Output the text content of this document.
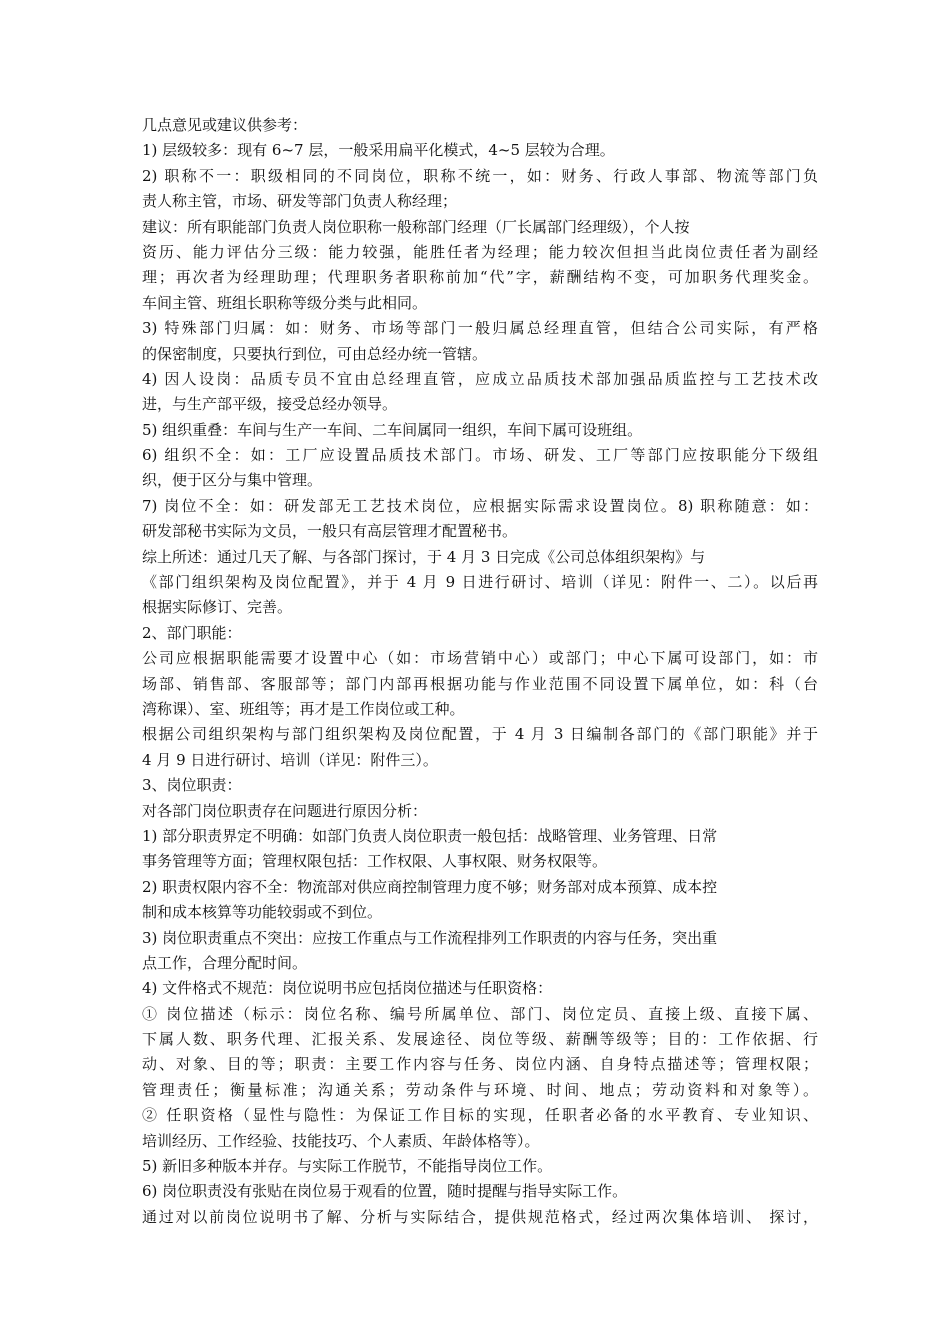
几点意见或建议供参考：
1) 层级较多：现有 6~7 层，一般采用扁平化模式，4~5 层较为合理。
2) 职称不一：职级相同的不同岗位，职称不统一，如：财务、行政人事部、物流等部门负
责人称主管，市场、研发等部门负责人称经理；
建议：所有职能部门负责人岗位职称一般称部门经理（厂长属部门经理级），个人按
资历、能力评估分三级：能力较强，能胜任者为经理；能力较次但担当此岗位责任者为副经
理；再次者为经理助理；代理职务者职称前加“代”字，薪酬结构不变，可加职务代理奖金。
车间主管、班组长职称等级分类与此相同。
3) 特殊部门归属：如：财务、市场等部门一般归属总经理直管，但结合公司实际，有严格
的保密制度，只要执行到位，可由总经办统一管辖。
4) 因人设岗：品质专员不宜由总经理直管，应成立品质技术部加强品质监控与工艺技术改
进，与生产部平级，接受总经办领导。
5) 组织重叠：车间与生产一车间、二车间属同一组织，车间下属可设班组。
6) 组织不全：如：工厂应设置品质技术部门。市场、研发、工厂等部门应按职能分下级组
织，便于区分与集中管理。
7) 岗位不全：如：研发部无工艺技术岗位，应根据实际需求设置岗位。8) 职称随意：如：
研发部秘书实际为文员，一般只有高层管理才配置秘书。
综上所述：通过几天了解、与各部门探讨，于 4 月 3 日完成《公司总体组织架构》与
《部门组织架构及岗位配置》，并于 4 月 9 日进行研讨、培训（详见：附件一、二）。以后再
根据实际修订、完善。
2、部门职能：
公司应根据职能需要才设置中心（如：市场营销中心）或部门；中心下属可设部门，如：市
场部、销售部、客服部等；部门内部再根据功能与作业范围不同设置下属单位，如：科（台
湾称课）、室、班组等；再才是工作岗位或工种。
根据公司组织架构与部门组织架构及岗位配置，于 4 月 3 日编制各部门的《部门职能》并于
4 月 9 日进行研讨、培训（详见：附件三）。
3、岗位职责：
对各部门岗位职责存在问题进行原因分析：
1) 部分职责界定不明确：如部门负责人岗位职责一般包括：战略管理、业务管理、日常
事务管理等方面；管理权限包括：工作权限、人事权限、财务权限等。
2) 职责权限内容不全：物流部对供应商控制管理力度不够；财务部对成本预算、成本控
制和成本核算等功能较弱或不到位。
3) 岗位职责重点不突出：应按工作重点与工作流程排列工作职责的内容与任务，突出重
点工作，合理分配时间。
4) 文件格式不规范：岗位说明书应包括岗位描述与任职资格：
① 岗位描述（标示：岗位名称、编号所属单位、部门、岗位定员、直接上级、直接下属、
下属人数、职务代理、汇报关系、发展途径、岗位等级、薪酬等级等；目的：工作依据、行
动、对象、目的等；职责：主要工作内容与任务、岗位内涵、自身特点描述等；管理权限；
管理责任；衡量标准；沟通关系；劳动条件与环境、时间、地点；劳动资料和对象等）。
② 任职资格（显性与隐性：为保证工作目标的实现，任职者必备的水平教育、专业知识、
培训经历、工作经验、技能技巧、个人素质、年龄体格等）。
5) 新旧多种版本并存。与实际工作脱节，不能指导岗位工作。
6) 岗位职责没有张贴在岗位易于观看的位置，随时提醒与指导实际工作。
通过对以前岗位说明书了解、分析与实际结合，提供规范格式，经过两次集体培训、 探讨，
